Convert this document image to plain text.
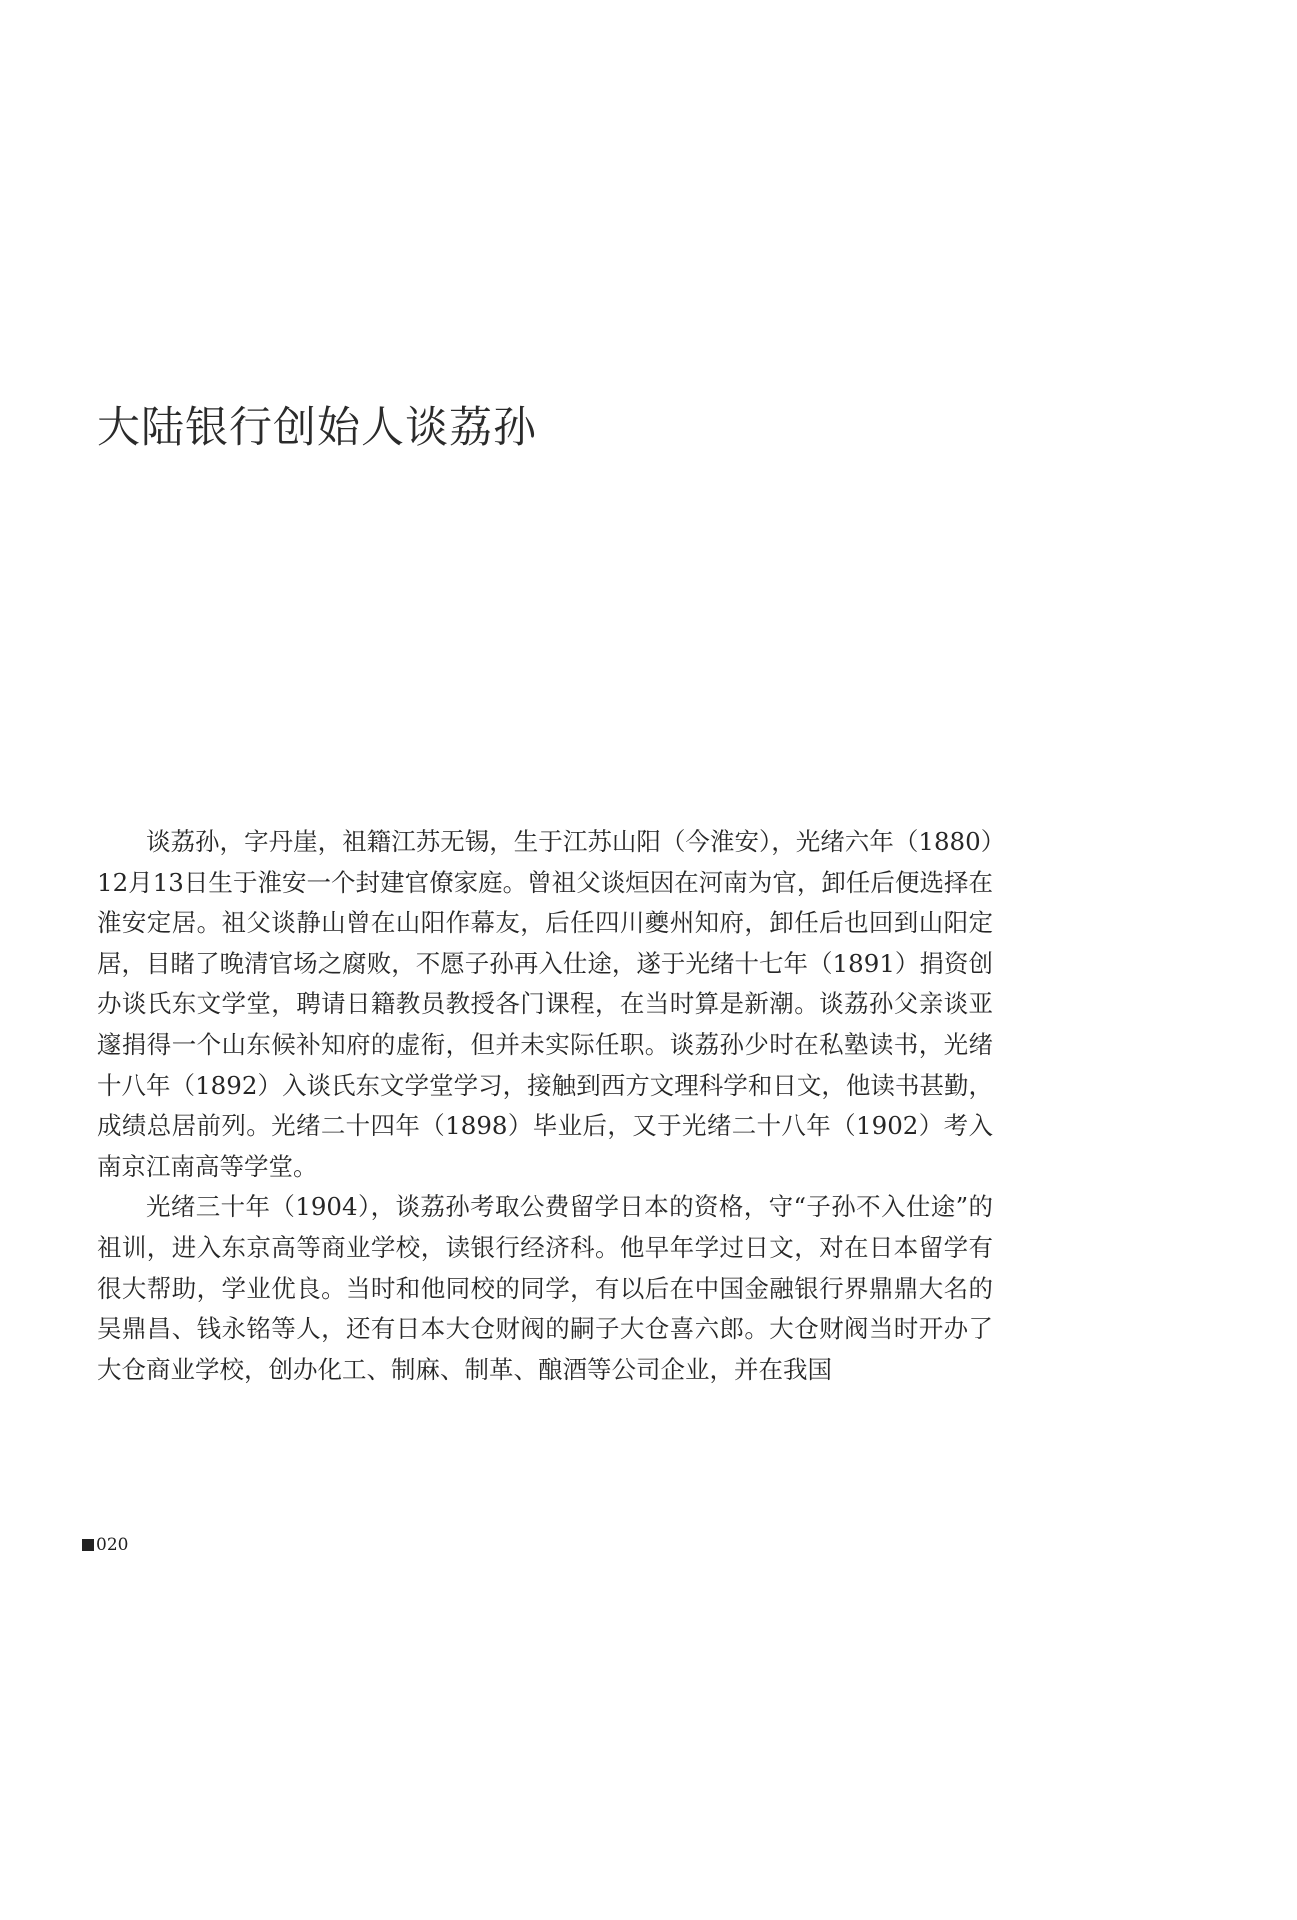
大陆银行创始人谈荔孙

谈荔孙，字丹崖，祖籍江苏无锡，生于江苏山阳（今淮安），光绪六年（1880）12月13日生于淮安一个封建官僚家庭。曾祖父谈烜因在河南为官，卸任后便选择在淮安定居。祖父谈静山曾在山阳作幕友，后任四川夔州知府，卸任后也回到山阳定居，目睹了晚清官场之腐败，不愿子孙再入仕途，遂于光绪十七年（1891）捐资创办谈氏东文学堂，聘请日籍教员教授各门课程，在当时算是新潮。谈荔孙父亲谈亚邃捐得一个山东候补知府的虚衔，但并未实际任职。谈荔孙少时在私塾读书，光绪十八年（1892）入谈氏东文学堂学习，接触到西方文理科学和日文，他读书甚勤，成绩总居前列。光绪二十四年（1898）毕业后，又于光绪二十八年（1902）考入南京江南高等学堂。

光绪三十年（1904），谈荔孙考取公费留学日本的资格，守“子孙不入仕途”的祖训，进入东京高等商业学校，读银行经济科。他早年学过日文，对在日本留学有很大帮助，学业优良。当时和他同校的同学，有以后在中国金融银行界鼎鼎大名的吴鼎昌、钱永铭等人，还有日本大仓财阀的嗣子大仓喜六郎。大仓财阀当时开办了大仓商业学校，创办化工、制麻、制革、酿酒等公司企业，并在我国

020
